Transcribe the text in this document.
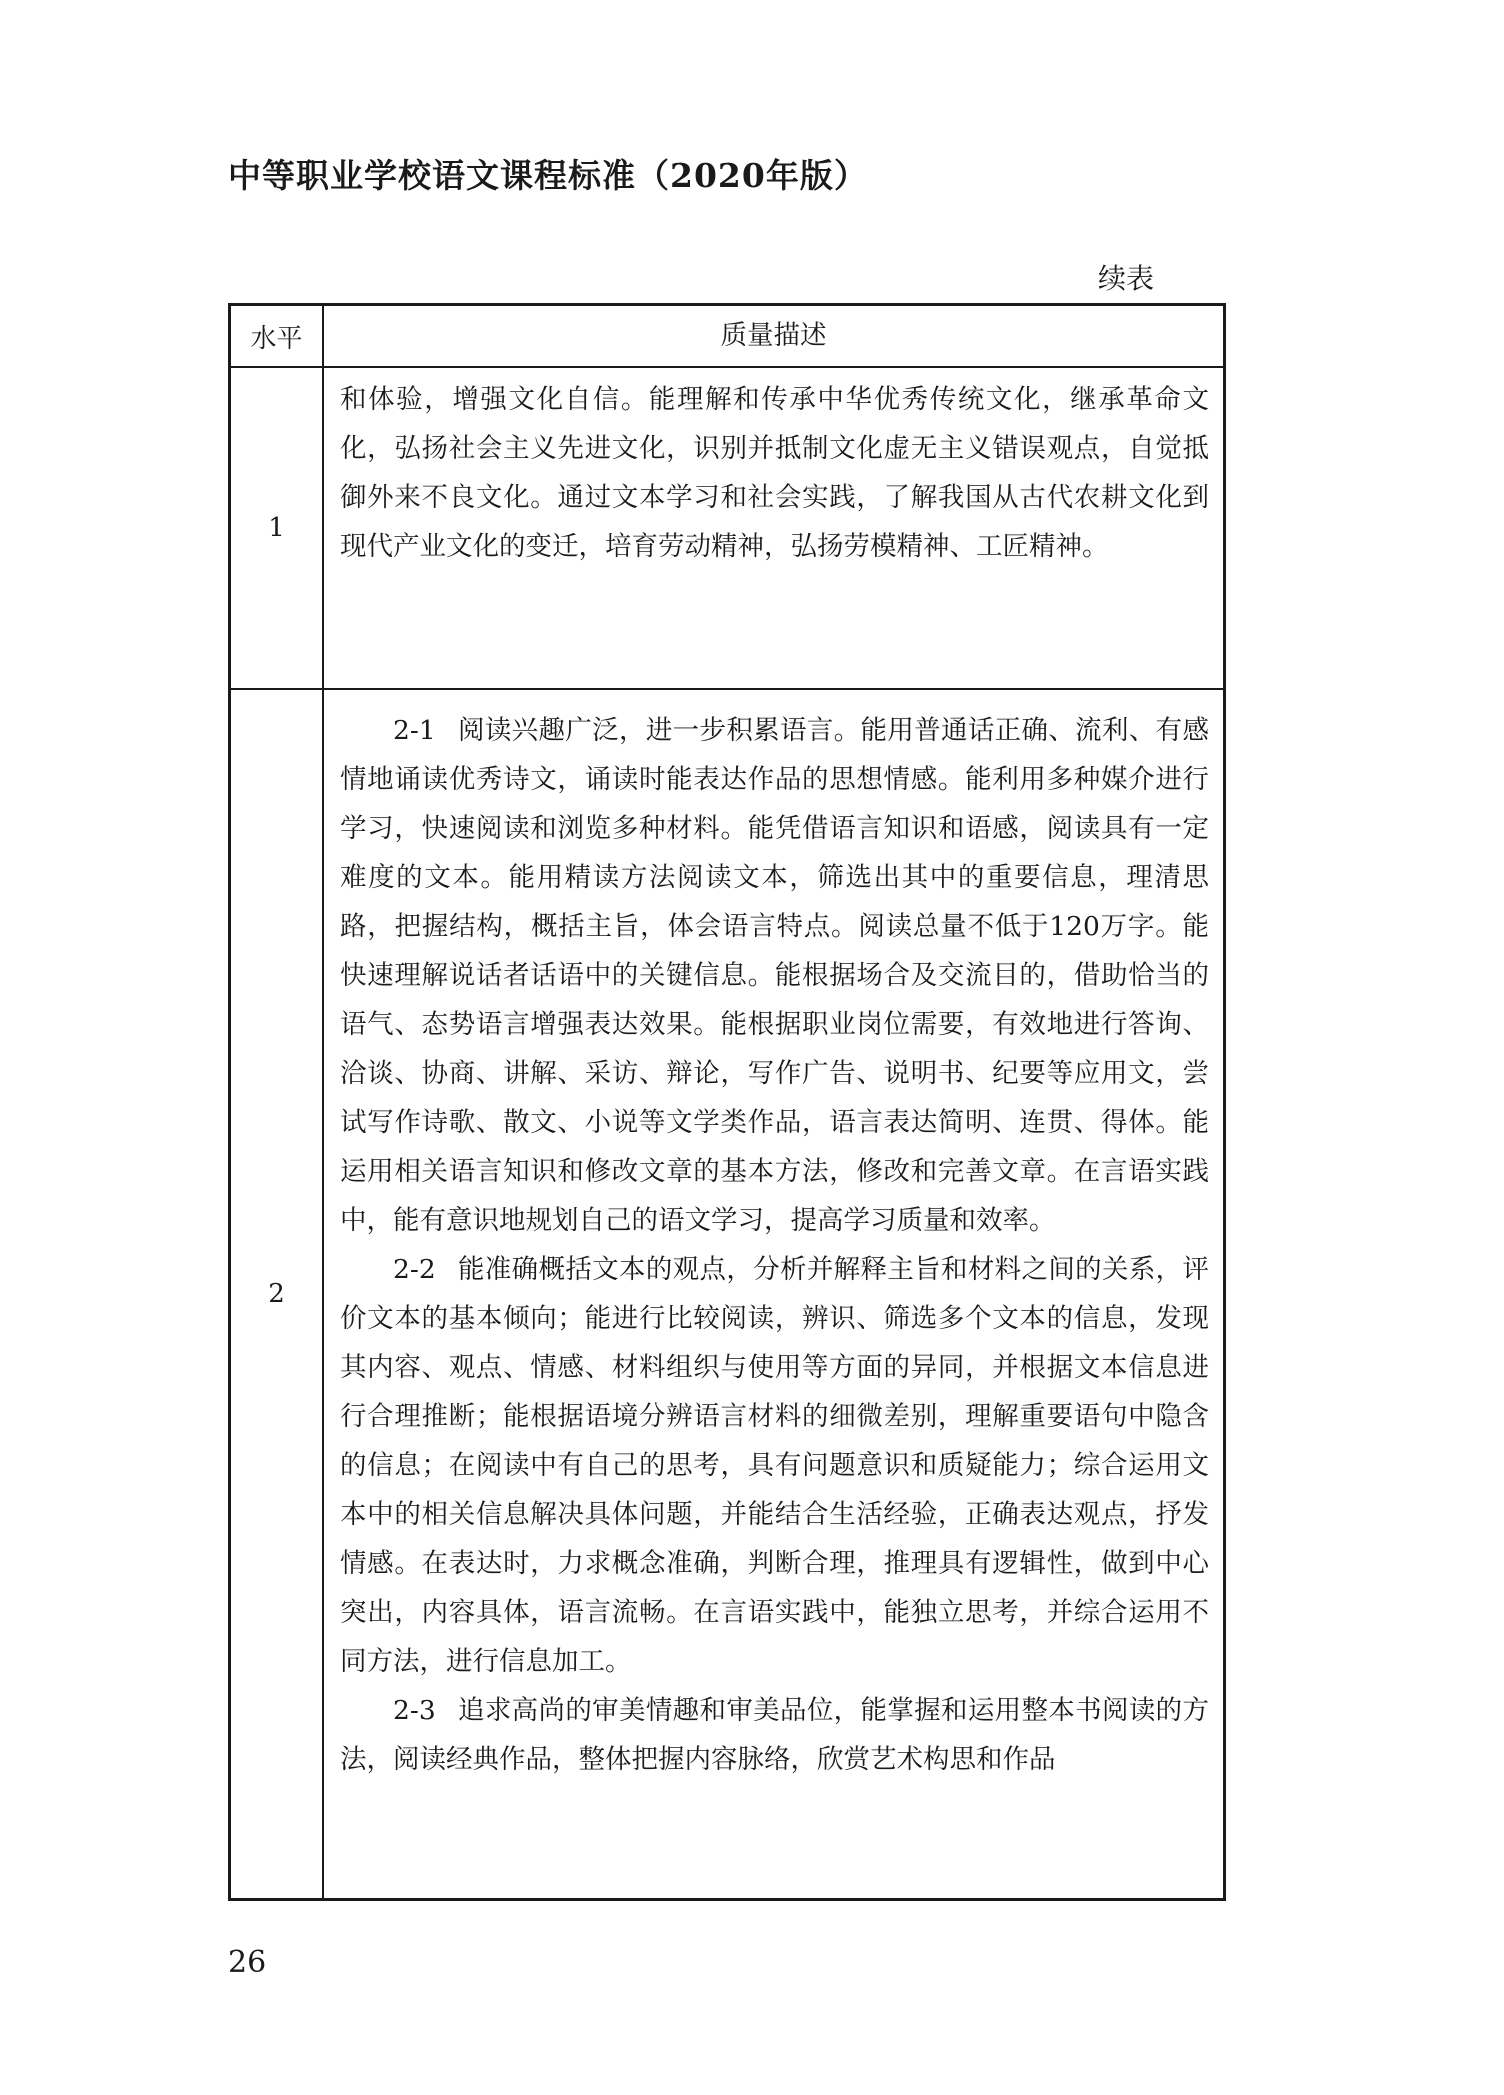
中等职业学校语文课程标准（2020年版）
续表
水平	质量描述
1

和体验，增强文化自信。能理解和传承中华优秀传统文化，继承革命文化，弘扬社会主义先进文化，识别并抵制文化虚无主义错误观点，自觉抵御外来不良文化。通过文本学习和社会实践，了解我国从古代农耕文化到现代产业文化的变迁，培育劳动精神，弘扬劳模精神、工匠精神。

2

2-1 阅读兴趣广泛，进一步积累语言。能用普通话正确、流利、有感情地诵读优秀诗文，诵读时能表达作品的思想情感。能利用多种媒介进行学习，快速阅读和浏览多种材料。能凭借语言知识和语感，阅读具有一定难度的文本。能用精读方法阅读文本，筛选出其中的重要信息，理清思路，把握结构，概括主旨，体会语言特点。阅读总量不低于120万字。能快速理解说话者话语中的关键信息。能根据场合及交流目的，借助恰当的语气、态势语言增强表达效果。能根据职业岗位需要，有效地进行答询、洽谈、协商、讲解、采访、辩论，写作广告、说明书、纪要等应用文，尝试写作诗歌、散文、小说等文学类作品，语言表达简明、连贯、得体。能运用相关语言知识和修改文章的基本方法，修改和完善文章。在言语实践中，能有意识地规划自己的语文学习，提高学习质量和效率。

2-2 能准确概括文本的观点，分析并解释主旨和材料之间的关系，评价文本的基本倾向；能进行比较阅读，辨识、筛选多个文本的信息，发现其内容、观点、情感、材料组织与使用等方面的异同，并根据文本信息进行合理推断；能根据语境分辨语言材料的细微差别，理解重要语句中隐含的信息；在阅读中有自己的思考，具有问题意识和质疑能力；综合运用文本中的相关信息解决具体问题，并能结合生活经验，正确表达观点，抒发情感。在表达时，力求概念准确，判断合理，推理具有逻辑性，做到中心突出，内容具体，语言流畅。在言语实践中，能独立思考，并综合运用不同方法，进行信息加工。

2-3 追求高尚的审美情趣和审美品位，能掌握和运用整本书阅读的方法，阅读经典作品，整体把握内容脉络，欣赏艺术构思和作品

26
